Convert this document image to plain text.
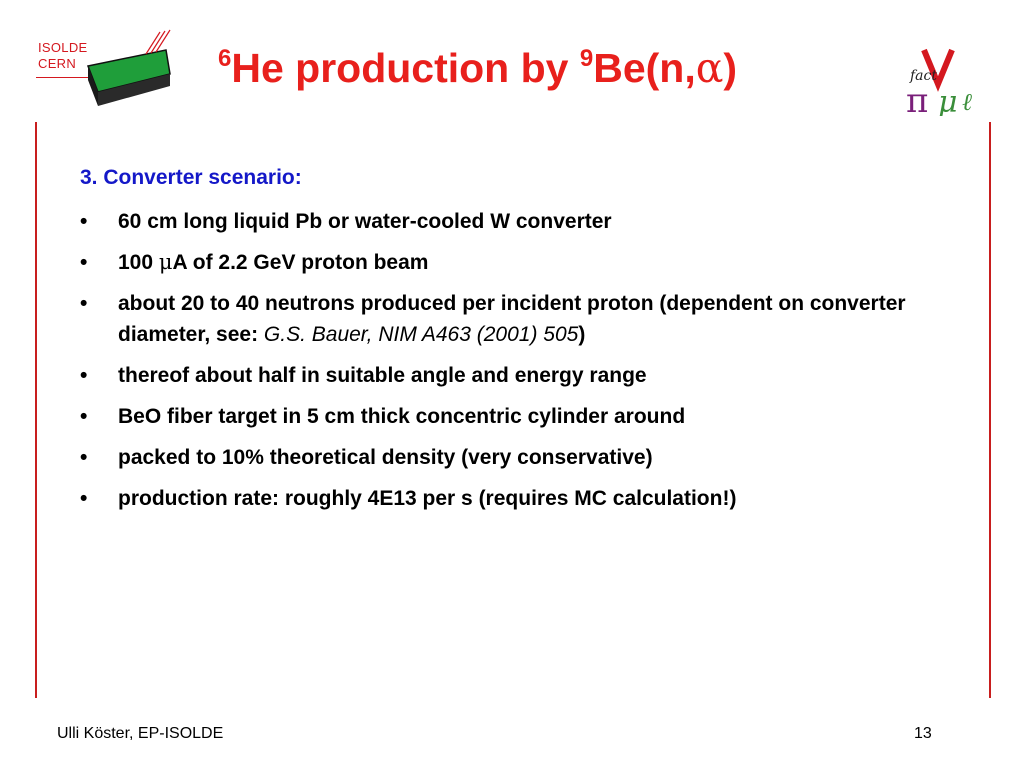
ISOLDE
CERN	$^6$He production by $^9$Be(n,α)	fact
π μ ℓ

3. Converter scenario:

• 60 cm long liquid Pb or water-cooled W converter
• 100 μA of 2.2 GeV proton beam
• about 20 to 40 neutrons produced per incident proton (dependent on converter diameter, see: G.S. Bauer, NIM A463 (2001) 505)
• thereof about half in suitable angle and energy range
• BeO fiber target in 5 cm thick concentric cylinder around
• packed to 10% theoretical density (very conservative)
• production rate: roughly 4E13 per s (requires MC calculation!)
Ulli Köster, EP-ISOLDE	13
